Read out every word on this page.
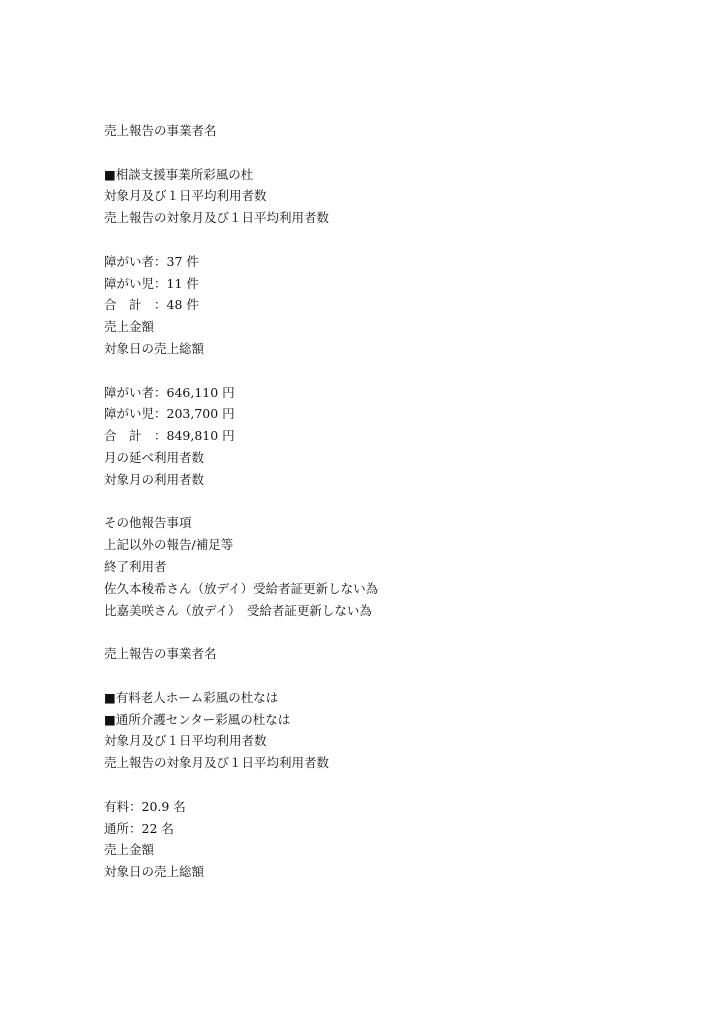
売上報告の事業者名
■相談支援事業所彩風の杜
対象月及び１日平均利用者数
売上報告の対象月及び１日平均利用者数
障がい者：37 件
障がい児：11 件
合　計　：48 件
売上金額
対象日の売上総額
障がい者：646,110 円
障がい児：203,700 円
合　計　：849,810 円
月の延べ利用者数
対象月の利用者数
その他報告事項
上記以外の報告/補足等
終了利用者
佐久本稜希さん（放デイ）受給者証更新しない為
比嘉美咲さん（放デイ）　受給者証更新しない為
売上報告の事業者名
■有料老人ホーム彩風の杜なは
■通所介護センター彩風の杜なは
対象月及び１日平均利用者数
売上報告の対象月及び１日平均利用者数
有料：20.9 名
通所：22 名
売上金額
対象日の売上総額
